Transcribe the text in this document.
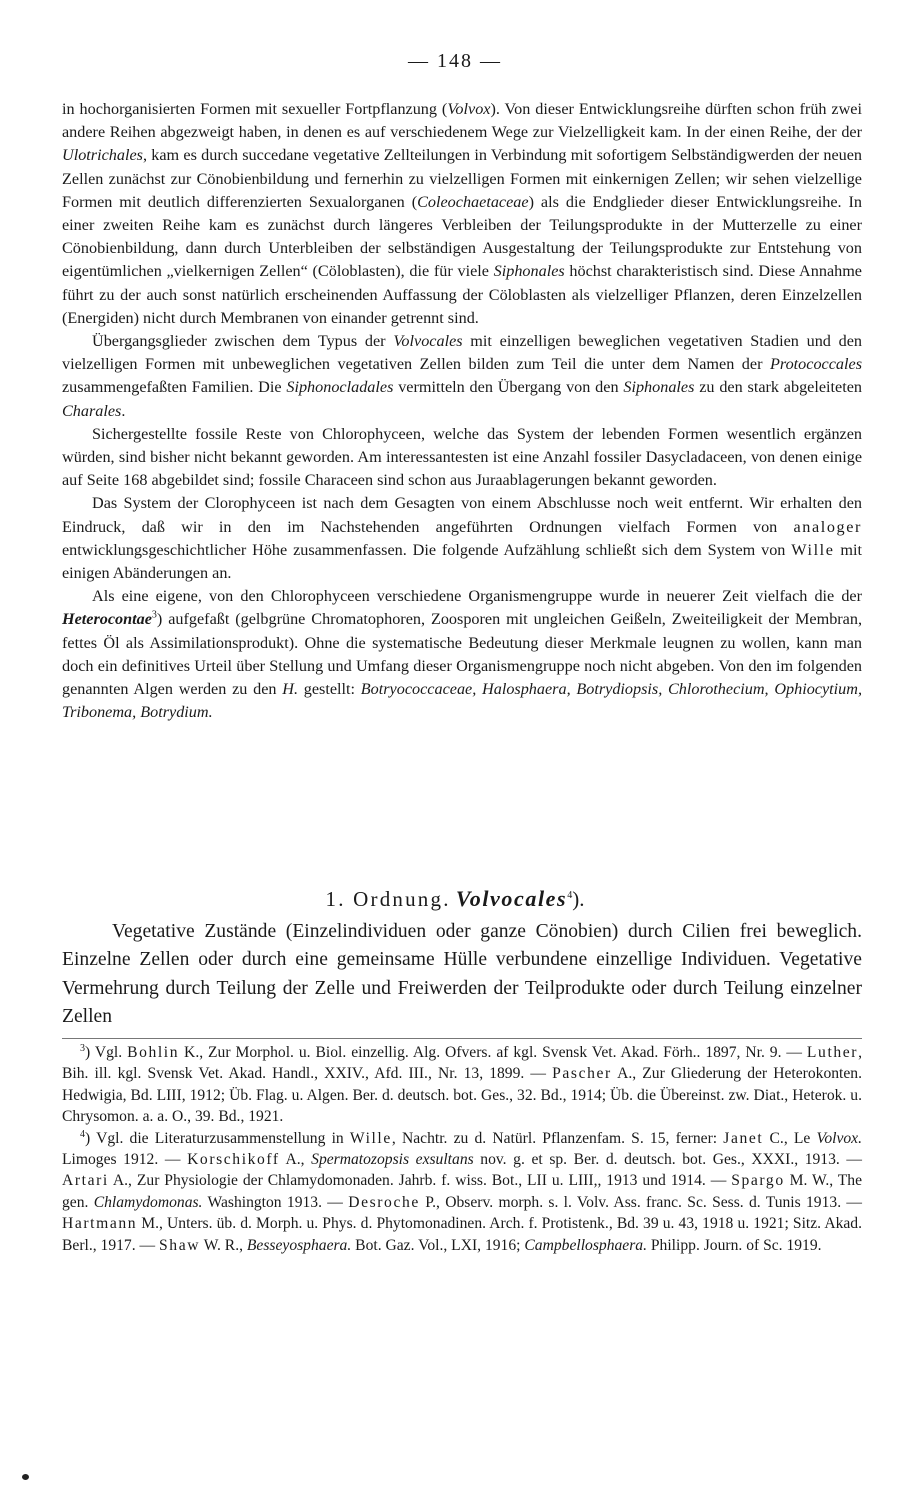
— 148 —

in hochorganisierten Formen mit sexueller Fortpflanzung (Volvox). Von dieser Entwicklungsreihe dürften schon früh zwei andere Reihen abgezweigt haben, in denen es auf verschiedenem Wege zur Vielzelligkeit kam. In der einen Reihe, der der Ulotrichales, kam es durch succedane vegetative Zellteilungen in Verbindung mit sofortigem Selbständigwerden der neuen Zellen zunächst zur Cönobienbildung und fernerhin zu vielzelligen Formen mit einkernigen Zellen; wir sehen vielzellige Formen mit deutlich differenzierten Sexualorganen (Coleochaetaceae) als die Endglieder dieser Entwicklungsreihe. In einer zweiten Reihe kam es zunächst durch längeres Verbleiben der Teilungsprodukte in der Mutterzelle zu einer Cönobienbildung, dann durch Unterbleiben der selbständigen Ausgestaltung der Teilungsprodukte zur Entstehung von eigentümlichen „vielkernigen Zellen“ (Cöloblasten), die für viele Siphonales höchst charakteristisch sind. Diese Annahme führt zu der auch sonst natürlich erscheinenden Auffassung der Cöloblasten als vielzelliger Pflanzen, deren Einzelzellen (Energiden) nicht durch Membranen von einander getrennt sind.

Übergangsglieder zwischen dem Typus der Volvocales mit einzelligen beweglichen vegetativen Stadien und den vielzelligen Formen mit unbeweglichen vegetativen Zellen bilden zum Teil die unter dem Namen der Protococcales zusammengefaßten Familien. Die Siphonocladales vermitteln den Übergang von den Siphonales zu den stark abgeleiteten Charales.

Sichergestellte fossile Reste von Chlorophyceen, welche das System der lebenden Formen wesentlich ergänzen würden, sind bisher nicht bekannt geworden. Am interessantesten ist eine Anzahl fossiler Dasycladaceen, von denen einige auf Seite 168 abgebildet sind; fossile Characeen sind schon aus Juraablagerungen bekannt geworden.

Das System der Clorophyceen ist nach dem Gesagten von einem Abschlusse noch weit entfernt. Wir erhalten den Eindruck, daß wir in den im Nachstehenden angeführten Ordnungen vielfach Formen von analoger entwicklungsgeschichtlicher Höhe zusammenfassen. Die folgende Aufzählung schließt sich dem System von Wille mit einigen Abänderungen an.

Als eine eigene, von den Chlorophyceen verschiedene Organismengruppe wurde in neuerer Zeit vielfach die der Heterocontae$^3$) aufgefaßt (gelbgrüne Chromatophoren, Zoosporen mit ungleichen Geißeln, Zweiteiligkeit der Membran, fettes Öl als Assimilationsprodukt). Ohne die systematische Bedeutung dieser Merkmale leugnen zu wollen, kann man doch ein definitives Urteil über Stellung und Umfang dieser Organismengruppe noch nicht abgeben. Von den im folgenden genannten Algen werden zu den H. gestellt: Botryococcaceae, Halosphaera, Botrydiopsis, Chlorothecium, Ophiocytium, Tribonema, Botrydium.

1. Ordnung. Volvocales$^4$).

Vegetative Zustände (Einzelindividuen oder ganze Cönobien) durch Cilien frei beweglich. Einzelne Zellen oder durch eine gemeinsame Hülle verbundene einzellige Individuen. Vegetative Vermehrung durch Teilung der Zelle und Freiwerden der Teilprodukte oder durch Teilung einzelner Zellen

$^3$) Vgl. Bohlin K., Zur Morphol. u. Biol. einzellig. Alg. Ofvers. af kgl. Svensk Vet. Akad. Förh.. 1897, Nr. 9. — Luther, Bih. ill. kgl. Svensk Vet. Akad. Handl., XXIV., Afd. III., Nr. 13, 1899. — Pascher A., Zur Gliederung der Heterokonten. Hedwigia, Bd. LIII, 1912; Üb. Flag. u. Algen. Ber. d. deutsch. bot. Ges., 32. Bd., 1914; Üb. die Übereinst. zw. Diat., Heterok. u. Chrysomon. a. a. O., 39. Bd., 1921.

$^4$) Vgl. die Literaturzusammenstellung in Wille, Nachtr. zu d. Natürl. Pflanzenfam. S. 15, ferner: Janet C., Le Volvox. Limoges 1912. — Korschikoff A., Spermatozopsis exsultans nov. g. et sp. Ber. d. deutsch. bot. Ges., XXXI., 1913. — Artari A., Zur Physiologie der Chlamydomonaden. Jahrb. f. wiss. Bot., LII u. LIII,, 1913 und 1914. — Spargo M. W., The gen. Chlamydomonas. Washington 1913. — Desroche P., Observ. morph. s. l. Volv. Ass. franc. Sc. Sess. d. Tunis 1913. — Hartmann M., Unters. üb. d. Morph. u. Phys. d. Phytomonadinen. Arch. f. Protistenk., Bd. 39 u. 43, 1918 u. 1921; Sitz. Akad. Berl., 1917. — Shaw W. R., Besseyosphaera. Bot. Gaz. Vol., LXI, 1916; Campbellosphaera. Philipp. Journ. of Sc. 1919.
